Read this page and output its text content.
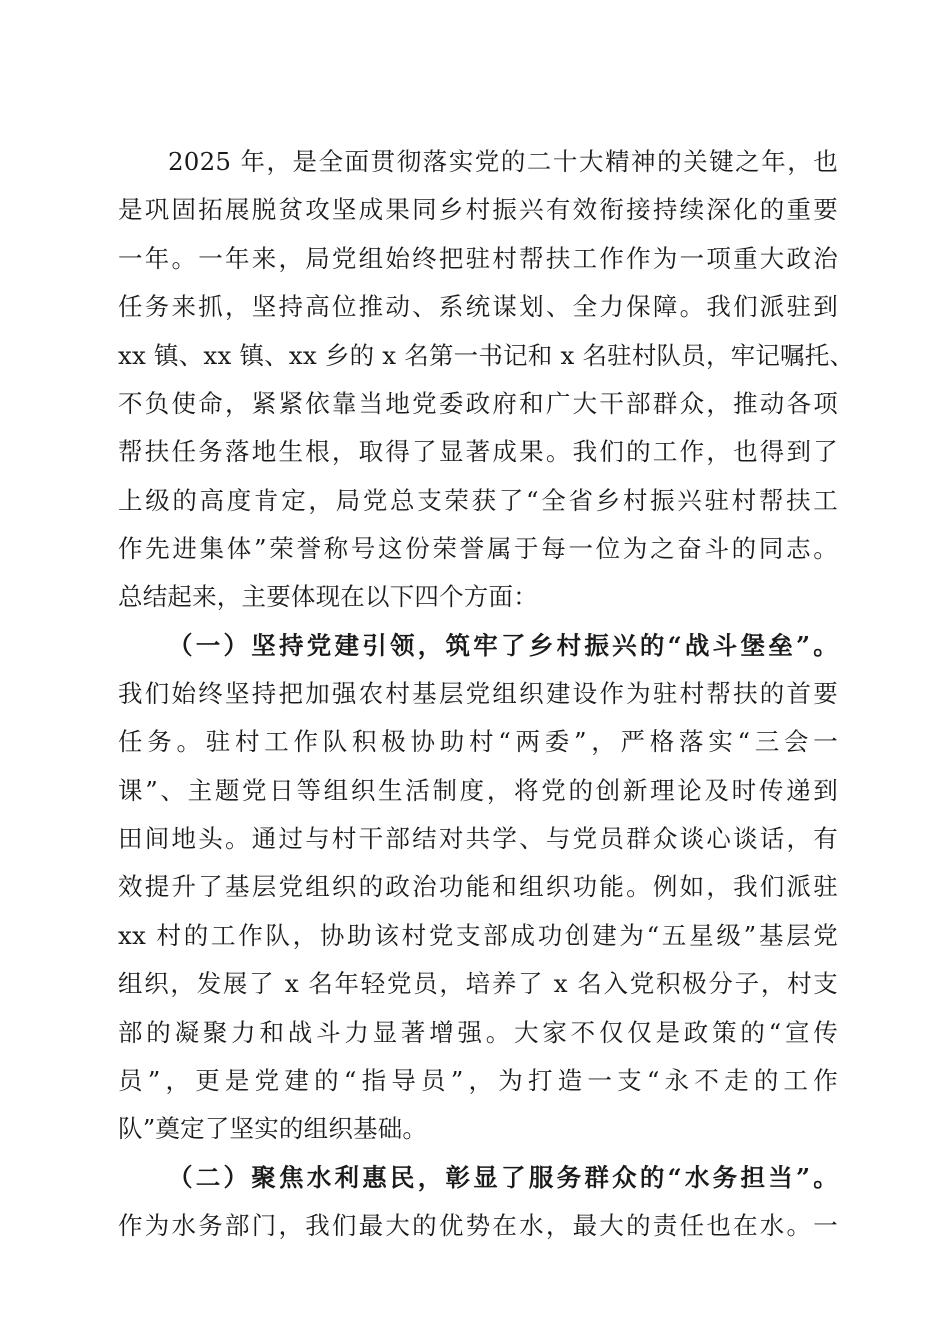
2025 年，是全面贯彻落实党的二十大精神的关键之年，也
是巩固拓展脱贫攻坚成果同乡村振兴有效衔接持续深化的重要
一年。一年来，局党组始终把驻村帮扶工作作为一项重大政治
任务来抓，坚持高位推动、系统谋划、全力保障。我们派驻到
xx 镇、xx 镇、xx 乡的 x 名第一书记和 x 名驻村队员，牢记嘱托、
不负使命，紧紧依靠当地党委政府和广大干部群众，推动各项
帮扶任务落地生根，取得了显著成果。我们的工作，也得到了
上级的高度肯定，局党总支荣获了“全省乡村振兴驻村帮扶工
作先进集体”荣誉称号这份荣誉属于每一位为之奋斗的同志。
总结起来，主要体现在以下四个方面：
（一）坚持党建引领，筑牢了乡村振兴的“战斗堡垒”。
我们始终坚持把加强农村基层党组织建设作为驻村帮扶的首要
任务。驻村工作队积极协助村“两委”，严格落实“三会一
课”、主题党日等组织生活制度，将党的创新理论及时传递到
田间地头。通过与村干部结对共学、与党员群众谈心谈话，有
效提升了基层党组织的政治功能和组织功能。例如，我们派驻
xx 村的工作队，协助该村党支部成功创建为“五星级”基层党
组织，发展了 x 名年轻党员，培养了 x 名入党积极分子，村支
部的凝聚力和战斗力显著增强。大家不仅仅是政策的“宣传
员”，更是党建的“指导员”，为打造一支“永不走的工作
队”奠定了坚实的组织基础。
（二）聚焦水利惠民，彰显了服务群众的“水务担当”。
作为水务部门，我们最大的优势在水，最大的责任也在水。一
